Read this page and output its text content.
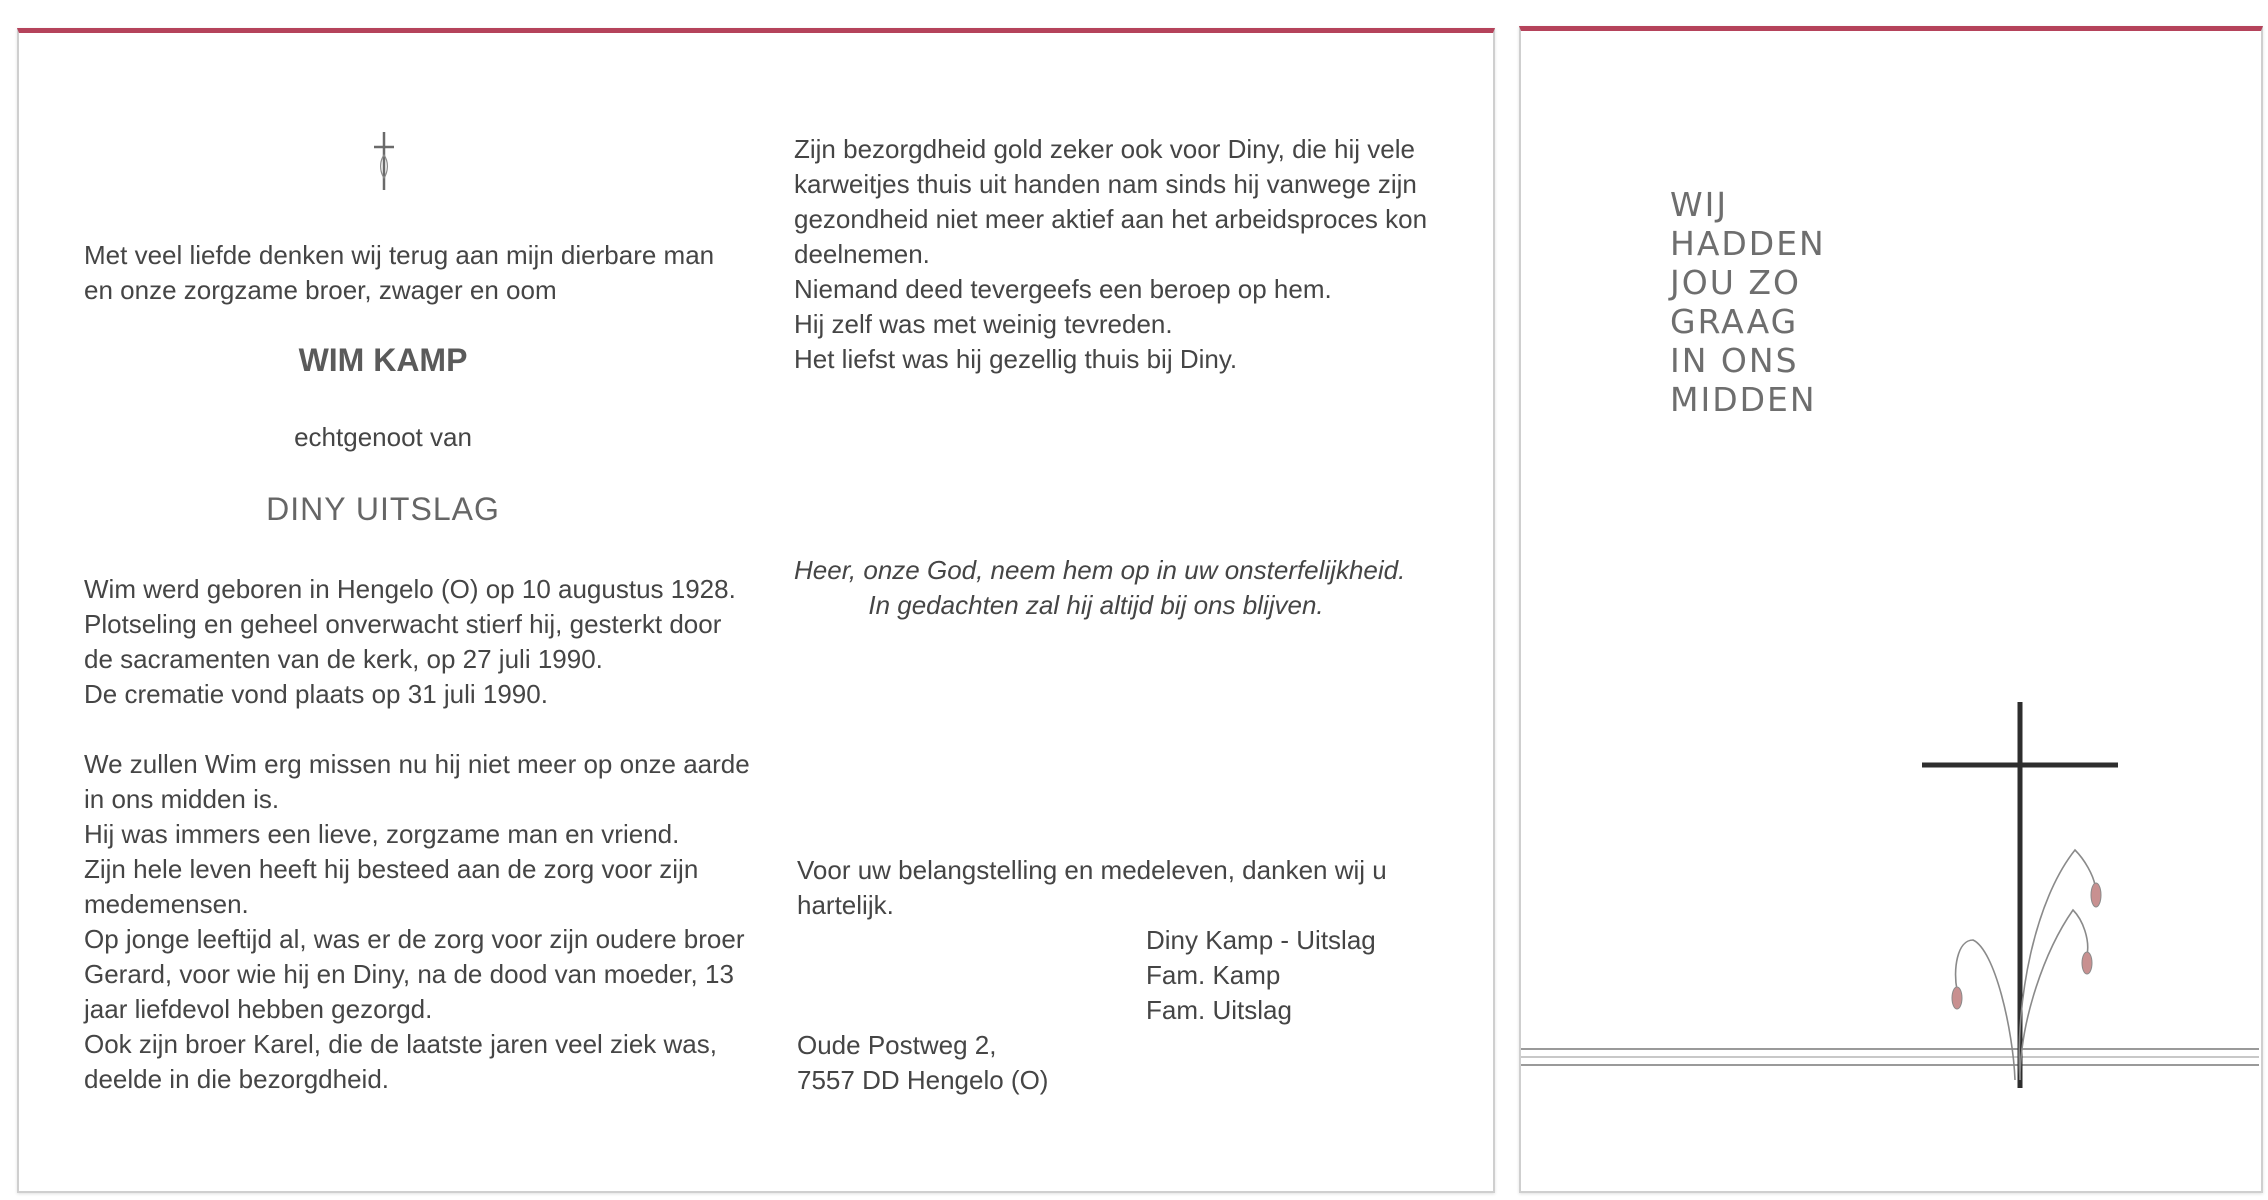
Met veel liefde denken wij terug aan mijn dierbare man
en onze zorgzame broer, zwager en oom
WIM KAMP
echtgenoot van
DINY UITSLAG
Wim werd geboren in Hengelo (O) op 10 augustus 1928.
Plotseling en geheel onverwacht stierf hij, gesterkt door
de sacramenten van de kerk, op 27 juli 1990.
De crematie vond plaats op 31 juli 1990.
We zullen Wim erg missen nu hij niet meer op onze aarde
in ons midden is.
Hij was immers een lieve, zorgzame man en vriend.
Zijn hele leven heeft hij besteed aan de zorg voor zijn
medemensen.
Op jonge leeftijd al, was er de zorg voor zijn oudere broer
Gerard, voor wie hij en Diny, na de dood van moeder, 13
jaar liefdevol hebben gezorgd.
Ook zijn broer Karel, die de laatste jaren veel ziek was,
deelde in die bezorgdheid.
Zijn bezorgdheid gold zeker ook voor Diny, die hij vele
karweitjes thuis uit handen nam sinds hij vanwege zijn
gezondheid niet meer aktief aan het arbeidsproces kon
deelnemen.
Niemand deed tevergeefs een beroep op hem.
Hij zelf was met weinig tevreden.
Het liefst was hij gezellig thuis bij Diny.
Heer, onze God, neem hem op in uw onsterfelijkheid.
In gedachten zal hij altijd bij ons blijven.
Voor uw belangstelling en medeleven, danken wij u
hartelijk.
Diny Kamp - Uitslag
Fam. Kamp
Fam. Uitslag
Oude Postweg 2,
7557 DD Hengelo (O)
WIJ
HADDEN
JOU ZO
GRAAG
IN ONS
MIDDEN
